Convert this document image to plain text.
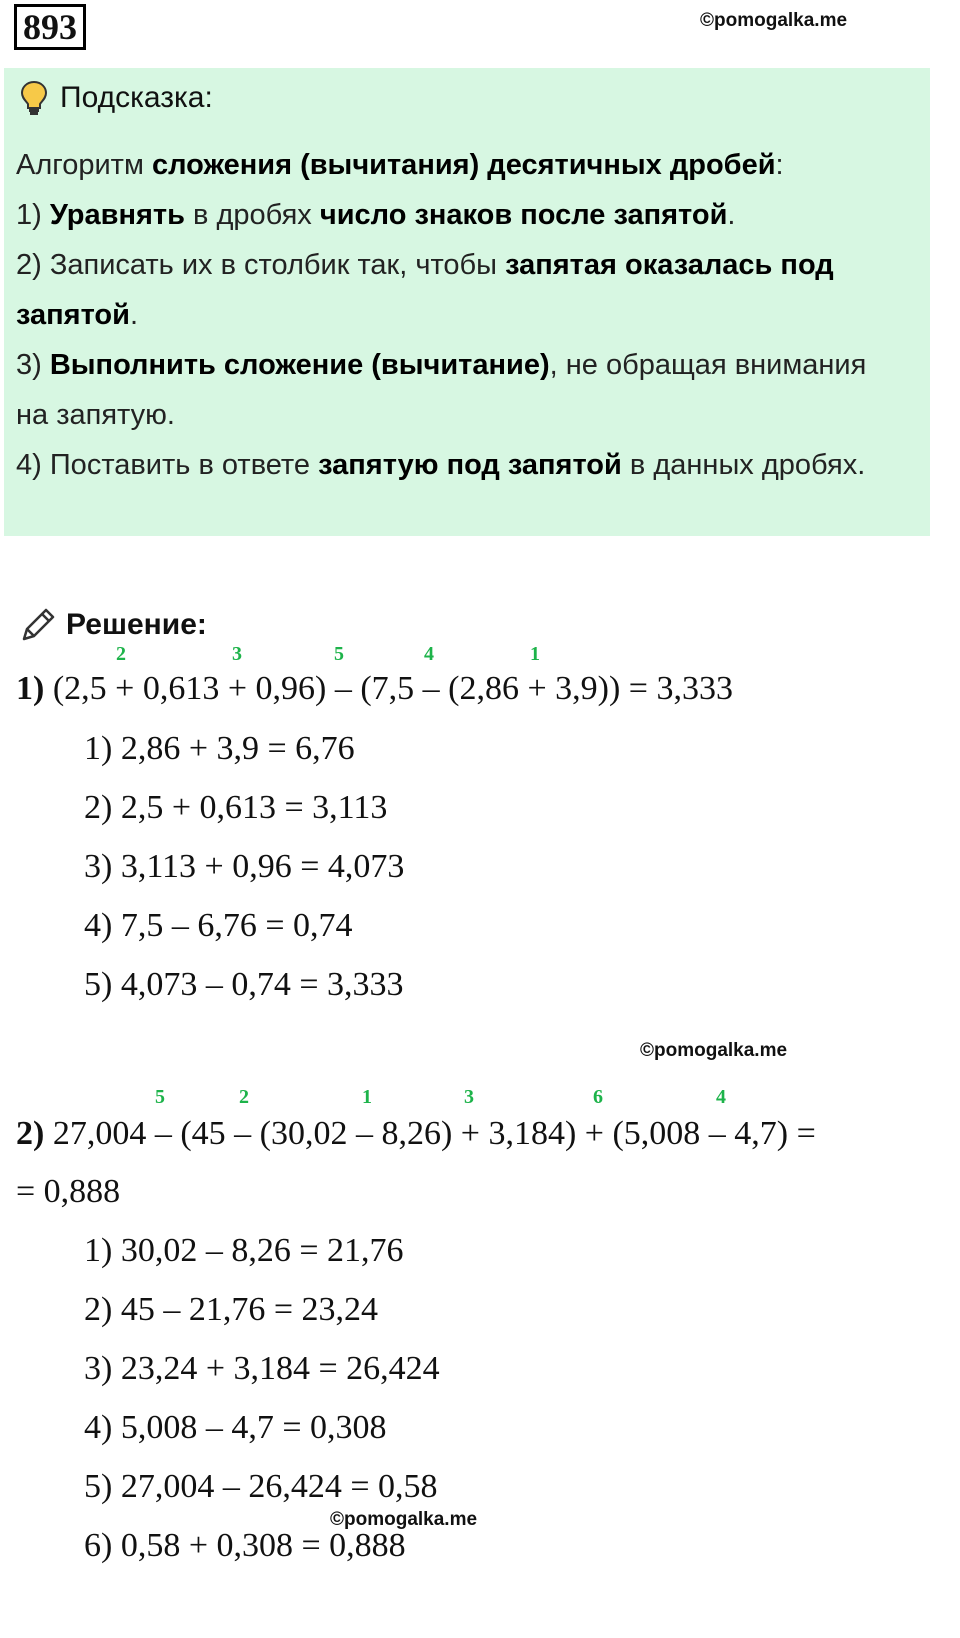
893	©pomogalka.me
Подсказка:
Алгоритм сложения (вычитания) десятичных дробей:
1) Уравнять в дробях число знаков после запятой.
2) Записать их в столбик так, чтобы запятая оказалась под
запятой.
3) Выполнить сложение (вычитание), не обращая внимания
на запятую.
4) Поставить в ответе запятую под запятой в данных дробях.
Решение:
2	3	5	4	1
1) (2,5 + 0,613 + 0,96) – (7,5 – (2,86 + 3,9)) = 3,333
1) 2,86 + 3,9 = 6,76
2) 2,5 + 0,613 = 3,113
3) 3,113 + 0,96 = 4,073
4) 7,5 – 6,76 = 0,74
5) 4,073 – 0,74 = 3,333
©pomogalka.me
5	2	1	3	6	4
2) 27,004 – (45 – (30,02 – 8,26) + 3,184) + (5,008 – 4,7) =
= 0,888
1) 30,02 – 8,26 = 21,76
2) 45 – 21,76 = 23,24
3) 23,24 + 3,184 = 26,424
4) 5,008 – 4,7 = 0,308
5) 27,004 – 26,424 = 0,58
6) 0,58 + 0,308 = 0,888
©pomogalka.me
